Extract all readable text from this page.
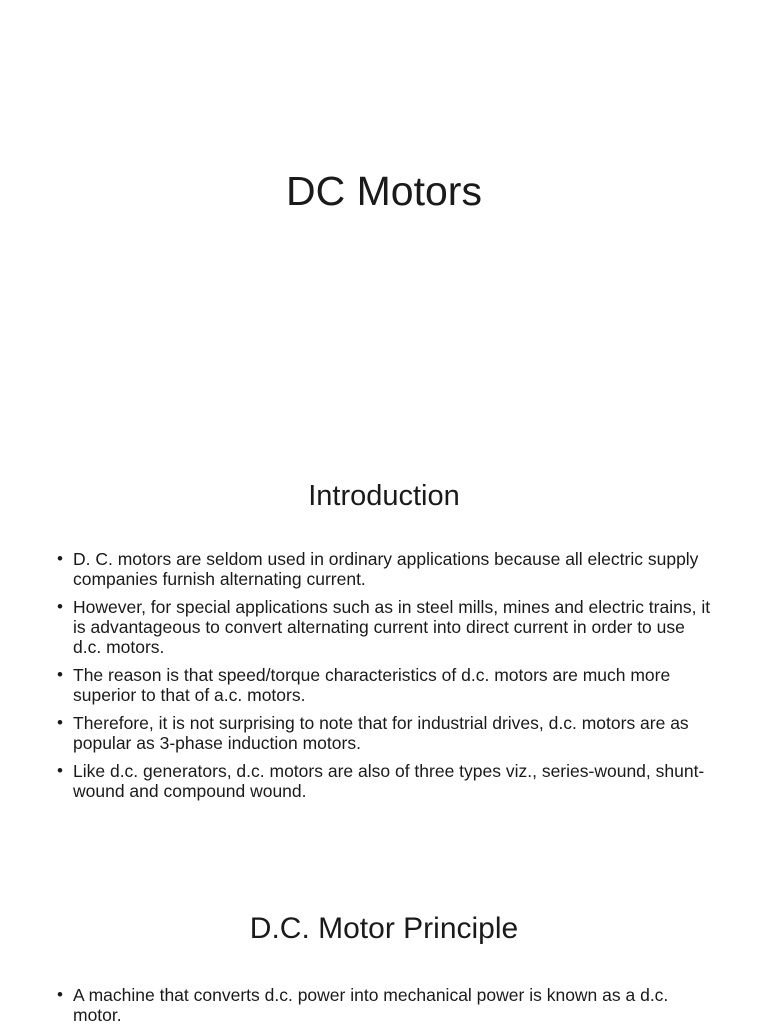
DC Motors
Introduction
• D. C. motors are seldom used in ordinary applications because all electric supply companies furnish alternating current.
• However, for special applications such as in steel mills, mines and electric trains, it is advantageous to convert alternating current into direct current in order to use d.c. motors.
• The reason is that speed/torque characteristics of d.c. motors are much more superior to that of a.c. motors.
• Therefore, it is not surprising to note that for industrial drives, d.c. motors are as popular as 3-phase induction motors.
• Like d.c. generators, d.c. motors are also of three types viz., series-wound, shunt-wound and compound wound.
D.C. Motor Principle
• A machine that converts d.c. power into mechanical power is known as a d.c. motor.
